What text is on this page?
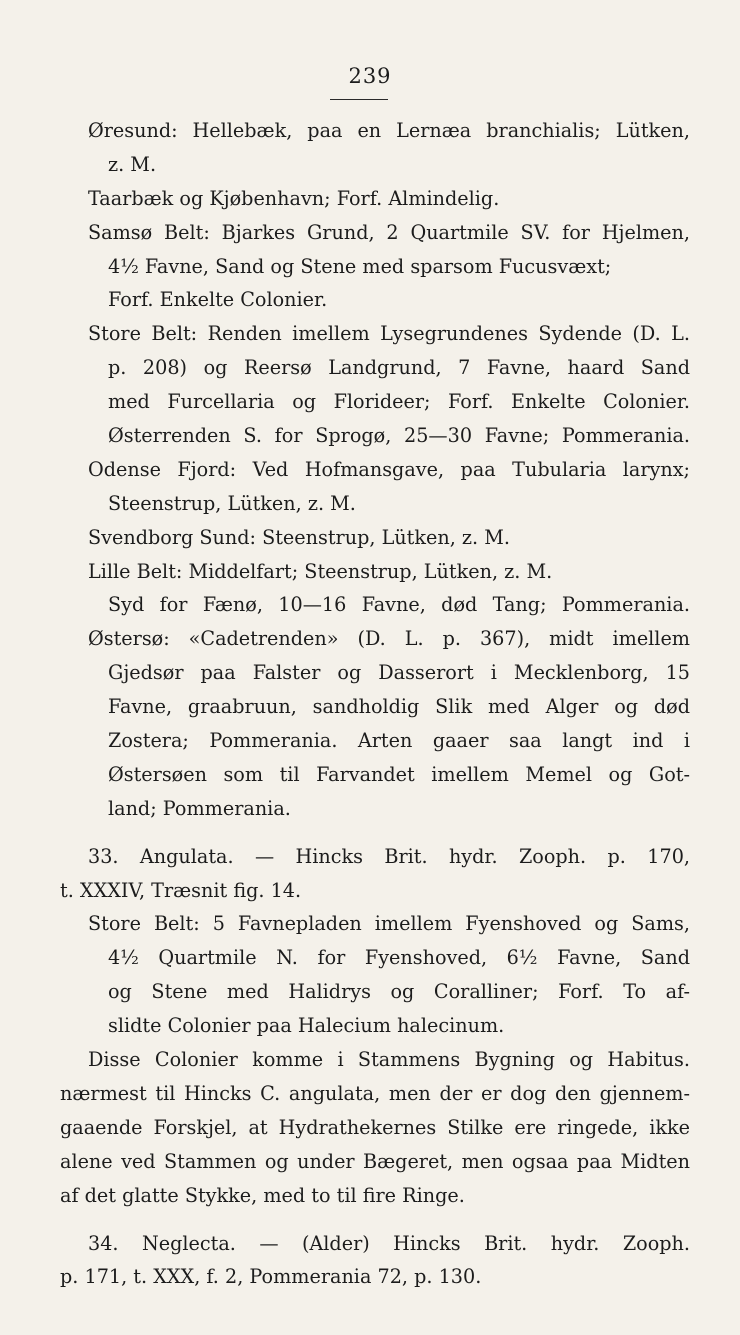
239
Øresund: Hellebæk, paa en Lernæa branchialis; Lütken,
z. M.
Taarbæk og Kjøbenhavn; Forf. Almindelig.
Samsø Belt: Bjarkes Grund, 2 Quartmile SV. for Hjelmen,
4½ Favne, Sand og Stene med sparsom Fucusvæxt;
Forf. Enkelte Colonier.
Store Belt: Renden imellem Lysegrundenes Sydende (D. L.
p. 208) og Reersø Landgrund, 7 Favne, haard Sand
med Furcellaria og Florideer; Forf. Enkelte Colonier.
Østerrenden S. for Sprogø, 25—30 Favne; Pommerania.
Odense Fjord: Ved Hofmansgave, paa Tubularia larynx;
Steenstrup, Lütken, z. M.
Svendborg Sund: Steenstrup, Lütken, z. M.
Lille Belt: Middelfart; Steenstrup, Lütken, z. M.
Syd for Fænø, 10—16 Favne, død Tang; Pommerania.
Østersø: «Cadetrenden» (D. L. p. 367), midt imellem
Gjedsør paa Falster og Dasserort i Mecklenborg, 15
Favne, graabruun, sandholdig Slik med Alger og død
Zostera; Pommerania. Arten gaaer saa langt ind i
Østersøen som til Farvandet imellem Memel og Got-
land; Pommerania.
33. Angulata. — Hincks Brit. hydr. Zooph. p. 170,
t. XXXIV, Træsnit fig. 14.
Store Belt: 5 Favnepladen imellem Fyenshoved og Sams,
4½ Quartmile N. for Fyenshoved, 6½ Favne, Sand
og Stene med Halidrys og Coralliner; Forf. To af-
slidte Colonier paa Halecium halecinum.
Disse Colonier komme i Stammens Bygning og Habitus.
nærmest til Hincks C. angulata, men der er dog den gjennem-
gaaende Forskjel, at Hydrathekernes Stilke ere ringede, ikke
alene ved Stammen og under Bægeret, men ogsaa paa Midten
af det glatte Stykke, med to til fire Ringe.
34. Neglecta. — (Alder) Hincks Brit. hydr. Zooph.
p. 171, t. XXX, f. 2, Pommerania 72, p. 130.
